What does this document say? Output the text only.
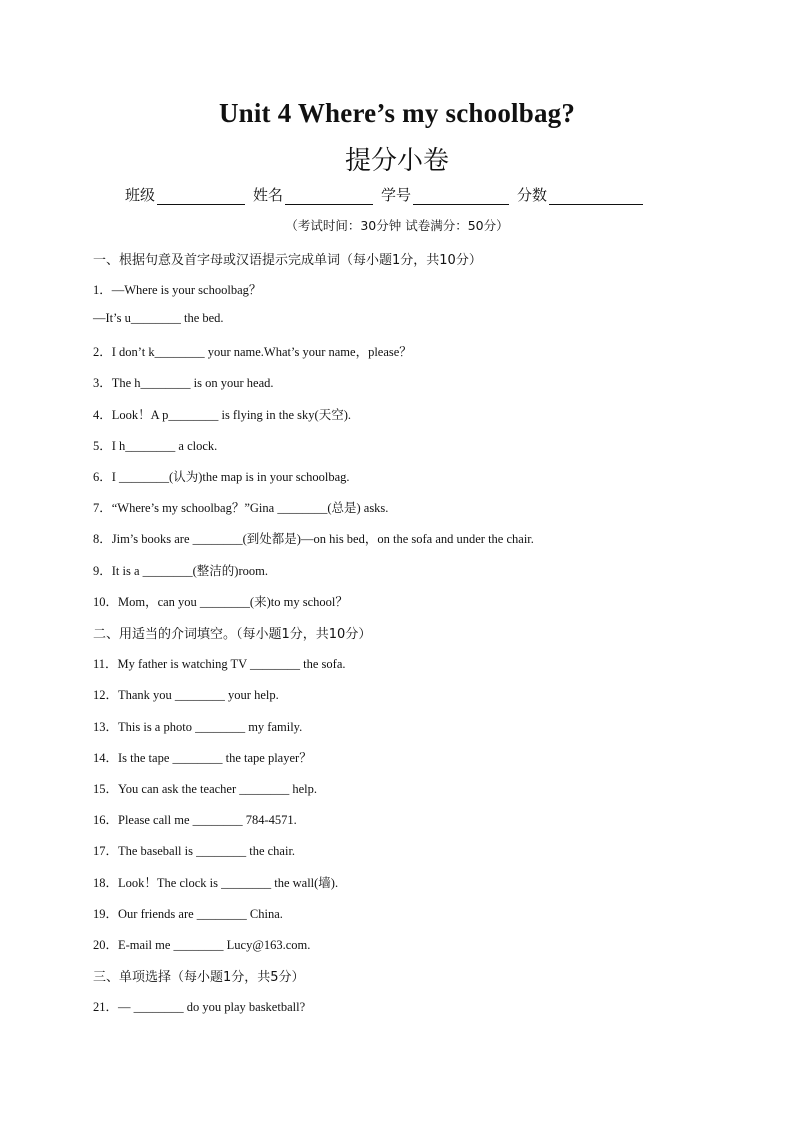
Unit 4 Where’s my schoolbag?
提分小卷
班级	姓名	学号	分数
（考试时间：30分钟 试卷满分：50分）
一、根据句意及首字母或汉语提示完成单词（每小题1分，共10分）
1．—Where is your schoolbag？
—It’s u________ the bed.
2．I don’t k________ your name.What’s your name，please？
3．The h________ is on your head.
4．Look！A p________ is flying in the sky(天空).
5．I h________ a clock.
6．I ________(认为)the map is in your schoolbag.
7．“Where’s my schoolbag？”Gina ________(总是) asks.
8．Jim’s books are ________(到处都是)—on his bed，on the sofa and under the chair.
9．It is a ________(整洁的)room.
10．Mom，can you ________(来)to my school？
二、用适当的介词填空。（每小题1分，共10分）
11．My father is watching TV ________ the sofa.
12．Thank you ________ your help.
13．This is a photo ________ my family.
14．Is the tape ________ the tape player？
15．You can ask the teacher ________ help.
16．Please call me ________ 784-4571.
17．The baseball is ________ the chair.
18．Look！The clock is ________ the wall(墙).
19．Our friends are ________ China.
20．E-mail me ________ Lucy@163.com.
三、单项选择（每小题1分，共5分）
21．— ________ do you play basketball?
